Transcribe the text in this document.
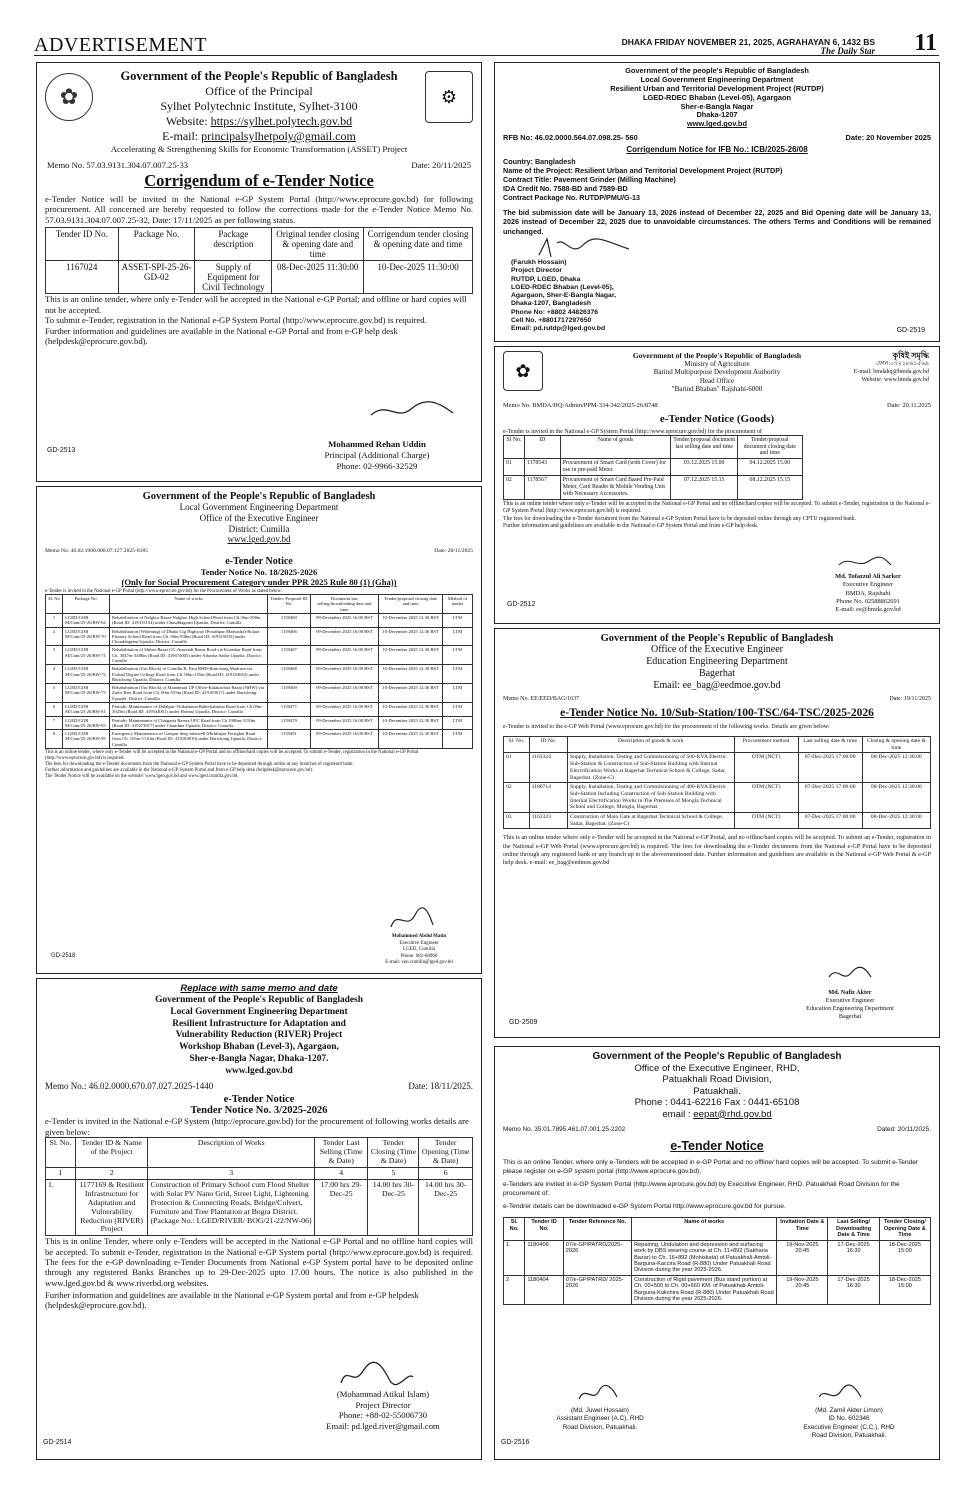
ADVERTISEMENT	DHAKA FRIDAY NOVEMBER 21, 2025, AGRAHAYAN 6, 1432 BS
The Daily Star 11
✿	⚙
Government of the People's Republic of Bangladesh
Office of the Principal
Sylhet Polytechnic Institute, Sylhet-3100
Website: https://sylhet.polytech.gov.bd
E-mail: principalsylhetpoly@gmail.com
Accelerating & Strengthening Skills for Economic Transformation (ASSET) Project
Memo No. 57.03.9131.304.07.007.25-33	Date: 20/11/2025
Corrigendum of e-Tender Notice

e-Tender Notice will be invited in the National e-GP System Portal (http://www.eprocure.gov.bd) for following procurement. All concerned are hereby requested to follow the corrections made for the e-Tender Notice Memo No. 57.03.9131.304.07.007.25-32, Date: 17/11/2025 as per following status.

Tender ID No.	Package No.	Package description	Original tender closing & opening date and time	Corrigendum tender closing & opening date and time
1167024	ASSET-SPI-25-26-GD-02	Supply of Equipment for Civil Technology	08-Dec-2025 11:30:00	10-Dec-2025 11:30:00

This is an online tender, where only e-Tender will be accepted in the National e-GP Portal; and offline or hard copies will not be accepted.

To submit e-Tender, registration in the National e-GP System Portal (http://www.eprocure.gov.bd) is required.

Further information and guidelines are available in the National e-GP Portal and from e-GP help desk (helpdesk@eprocure.gov.bd).

Mohammed Rehan Uddin
Principal (Additional Charge)
Phone: 02-9966-32529
GD-2513
Government of the people's Republic of Bangladesh
Local Government Engineering Department
Resilient Urban and Territorial Development Project (RUTDP)
LGED-RDEC Bhaban (Level-05), Agargaon
Sher-e-Bangla Nagar
Dhaka-1207
www.lged.gov.bd
RFB No: 46.02.0000.564.07.098.25- 560	Date: 20 November 2025
Corrigendum Notice for IFB No.: ICB/2025-26/08
Country: Bangladesh
Name of the Project: Resilient Urban and Territorial Development Project (RUTDP)
Contract Title: Pavement Grinder (Milling Machine)
IDA Credit No. 7588-BD and 7589-BD
Contract Package No. RUTDP/PMU/G-13

The bid submission date will be January 13, 2026 instead of December 22, 2025 and Bid Opening date will be January 13, 2026 instead of December 22, 2025 due to unavoidable circumstances. The others Terms and Conditions will be remained unchanged.

(Farukh Hossain)
Project Director
RUTDP, LGED, Dhaka
LGED-RDEC Bhaban (Level-05),
Agargaon, Sher-E-Bangla Nagar,
Dhaka-1207, Bangladesh
Phone No: +8802 44826376
Cell No. +8801717297650
Email: pd.rutdp@lged.gov.bd	GD-2519
✿
Government of the People's Republic of Bangladesh
Ministry of Agriculture
Barind Multipurpose Development Authority
Head Office
"Barind Bhaban" Rajshahi-6000
কৃষিই সমৃদ্ধি
ফোন:০৭২১৮৬১৫৬৯
E-mail: bmdahq@bmda.gov.bd
Website: www.bmda.gov.bd
Memo No. BMDA/HQ/Admin/PPM-334-342/2025-26/8748	Date: 20.11.2025
e-Tender Notice (Goods)

e-Tender is invited in the National e-GP System Portal (http://www.eprocure.gov.bd) for the procurement of

Sl No.	ID	Name of goods	Tender/proposal document last selling date and time	Tender/proposal document closing date and time
01	1178543	Procurement of Smart Card (with Cover) for use in pre-paid Meter.	03.12.2025 15.00	04.12.2025 15.00
02	1178567	Procurement of Smart Card Based Pre-Paid Meter, Card Reader & Mobile Vending Unit with Necessary Accessories.	07.12.2025 15.15	08.12.2025 15.15
This is an online tender where only e-Tender will be accepted in the National e-GP Portal and no offline/hard copies will be accepted. To submit e-Tender, registration in the National e-GP System Portal (http://www.eprocure.gov.bd) is required.
The fees for downloading the e-Tender document from the National e-GP System Portal have to be deposited online through any CPTU registered bank.
Further information and guidelines are available in the National e-GP System Portal and from e-GP help desk.
Md. Tofazzul Ali Sarker
Executive Engineer
BMDA, Rajshahi
Phone No. 02588862691
E-mail: ee@bmda.gov.bd
GD-2512
Government of the People's Republic of Bangladesh
Local Government Engineering Department
Office of the Executive Engineer
District: Cumilla
www.lged.gov.bd
Memo No. 46.02.1900.000.07.127.2025-8185	Date: 20/11/2025
e-Tender Notice
Tender Notice No. 18/2025-2026
(Only for Social Procurement Category under PPR 2025 Rule 80 (1) (Gha))

e-Tender is invited in the National e-GP Portal (http://www.eprocure.gov.bd) for the Procurement of Works as stated below:

Sl. No	Package No.	Name of works	Tender/ Proposal ID No.	Document last selling/downloading date and time	Tender/proposal closing date and time	Method of tender
1	LGED/GOB M/Cum/25-26/RW-64	Rehabilitation of Nalghor Bazar-Nalghor High School Road from Ch.36m-290m (Road ID: 419315134) under Chouddagram Upazila, District: Cumilla	1159460	09-December 2025 16:00 BST	10-December 2025 12.30 BST	LTM
2	LGED/GOB M/Cum/25-26/RW-70	Rehabilitation (Widening) of Dhaka Ctg Highway (Protabpur Madrasha)-Bolara Primary School Road from Ch. 00m-938m (Road ID: 419315035) under Chouddagram Upazila, District: Cumilla	1159466	09-December 2025 16:00 BST	10-December 2025 12.30 BST	LTM
3	LGED/GOB M/Cum/25-26/RW-71	Rehabilitation of Shiber Bazar GC-Amratali Bazar Road via Kotashar Road from Ch. 3047m-3480m (Road ID: 419674005) under Adarsha Sadar Upazila, District: Cumilla	1159467	09-December 2025 16:00 BST	10-December 2025 12.30 BST	LTM
4	LGED/GOB M/Cum/25-26/RW-72	Rehabilitation (Uni Block) of Comilla B. Para RHD-Burichong Madrasa via Ershad Degree College Road from Ch. 00m-235m (Road ID: 419184043) under Burichong Upazila, District: Cumilla	1159468	09-December 2025 16:00 BST	10-December 2025 12.30 BST	LTM
5	LGED/GOB M/Cum/25-26/RW-73	Rehabilitation (Uni Block) of Mainamati UP Office-Kalakachua Bazar (NHW) via Zafor Bari Road from Ch. 00m-533m (Road ID: 419183017) under Burichong Upazila, District: Cumilla	1159469	09-December 2025 16:00 BST	10-December 2025 12.30 BST	LTM
6	LGED/GOB M/Cum/25-26/RW-81	Periodic Maintenance of Dulalpur-Vitikalmina Baherkalmina Road from Ch.00m-3925m (Road ID: 419544001) under Homna Upazila, District: Cumilla	1159477	09-December 2025 16:00 BST	10-December 2025 12.30 BST	LTM
7	LGED/GOB M/Cum/25-26/RW-83	Periodic Maintenance of Chaigaria Barera UPC Road from Ch.1000m-3150m (Road ID: 419273017) under Chandina Upazila, District: Cumilla	1159479	09-December 2025 16:00 BST	10-December 2025 12.30 BST	LTM
8	LGED/GOB M/Cum/25-26/RW-95	Emergency Maintenance of Gazipur deep tubewell-Mithilapar Ferrighat Road from Ch. 105m-1110m (Road ID: 419184010) under Burichong Upazila, District: Cumilla	1159491	09-December 2025 16:00 BST	10-December 2025 12.30 BST	LTM
This is an online tender, where only e-Tender will be accepted in the National e-GP Portal and no offline/hard copies will be accepted. To submit e-Tender, registration in the National e-GP Portal (http://www.eprocure.gov.bd) is required.
The fees for downloading the e-Tender documents from the National e-GP System Portal have to be deposited through online at any branches of registered bank.
Further information and guidelines are available in the National e-GP System Portal and from e-GP help desk (helpdesk@eprocure.gov.bd).
The Tender Notice will be available on the website: www.lged.gov.bd and www.lged.cumilla.gov.bd
Mohammed Abdul Matin
Executive Engineer
LGED, Cumilla
Phone: 081-68960
E-mail: xen.cumilla@lged.gov.bd
GD-2518
Government of the People's Republic of Bangladesh
Office of the Executive Engineer
Education Engineering Department
Bagerhat
Email: ee_bag@eedmoe.gov.bd
Memo No. EE/EED/BAG/1637	Date: 19/11/2025
e-Tender Notice No. 10/Sub-Station/100-TSC/64-TSC/2025-2026

e-Tender is invited to the e-GP Web Portal (www.eprocure.gov.bd) for the procurement of the following works. Details are given below:

Sl. No.	ID No.	Description of goods & work	Procurement method	Last selling date & time	Closing & opening date & time
01	1163324	Supply, Installation, Testing and Commissioning of 500-KVA Electric Sub-Station & Construction of Sub-Station Building with Internal Electrification Works at Bagerhat Technical School & College, Sadar, Bagerhat. (Zone-C)	OTM (NCT)	07-Dec-2025 17:00:00	08-Dec-2025 12:30:00
02	1180714	Supply, Installation, Testing and Commissioning of 400-KVA Electric Sub-Station Including Construction of Sub-Station Building with Internal Electrification Works in The Premises of Mongla Technical School and College, Mongla, Bagerhat.	OTM (NCT)	07-Dec-2025 17:00:00	08-Dec-2025 12:30:00
03	1163323	Construction of Main Gate at Bagerhat Technical School & College, Sadar, Bagerhat. (Zone-C)	OTM (NCT)	07-Dec-2025 17:00:00	08-Dec-2025 12:30:00

This is an online tender where only e-Tender will be accepted in the National e-GP Portal, and no offline/hard copies will be accepted. To submit an e-Tender, registration in the National e-GP Web Portal (www.eprocure.gov.bd) is required. The fees for downloading the e-Tender documents from the National e-GP Portal have to be deposited online through any registered bank or any branch up to the abovementioned date. Further information and guidelines are available in the National e-GP Web Portal & e-GP help desk. e-mail: ee_bag@eedmoe.gov.bd

Md. Nafiz Akter
Executive Engineer
Education Engineering Department
Bagerhat
GD-2509
Replace with same memo and date
Government of the People's Republic of Bangladesh
Local Government Engineering Department
Resilient Infrastructure for Adaptation and
Vulnerability Reduction (RIVER) Project
Workshop Bhaban (Level-3), Agargaon,
Sher-e-Bangla Nagar, Dhaka-1207.
www.lged.gov.bd
Memo No.: 46.02.0000.670.07.027.2025-1440	Date: 18/11/2025.
e-Tender Notice
Tender Notice No. 3/2025-2026

e-Tender is invited in the National e-GP System (http://eprocure.gov.bd) for the procurement of following works details are given below:

Sl. No.	Tender ID & Name of the Project	Description of Works	Tender Last Selling (Time & Date)	Tender Closing (Time & Date)	Tender Opening (Time & Date)
1	2	3	4	5	6
1.	1177169 & Resilient Infrastructure for Adaptation and Vulnerability Reduction (RIVER) Project	Construction of Primary School cum Flood Shelter with Solar PV Nano Grid, Street Light, Lightening Protection & Connecting Roads, Bridge/Culvert, Furniture and Tree Plantation at Bogra District. (Package No.: LGED/RIVER/ BOG/21-22/NW-06)	17.00 hrs 29-Dec-25	14.00 hrs 30-Dec-25	14.00 hrs 30-Dec-25

This is in online Tender, where only e-Tenders will be accepted in the National e-GP Portal and no offline hard copies will be accepted. To submit e-Tender, registration in the National e-GP System portal (http://www.eprocure.gov.bd) is required. The fees for the e-GP downloading e-Tender Documents from National e-GP System portal have to be deposited online through any registered Banks Branches up to 29-Dec-2025 upto 17.00 hours. The notice is also published in the www.lged.gov.bd & www.riverbd.org websites.

Further information and guidelines are available in the National e-GP System portal and from e-GP helpdesk (helpdesk@eprocure.gov.bd).

(Mohammad Atikul Islam)
Project Director
Phone: +88-02-55006730
Email: pd.lged.river@gmail.com
GD-2514
Government of the People's Republic of Bangladesh
Office of the Executive Engineer, RHD,
Patuakhali Road Division,
Patuakhali.
Phone : 0441-62216 Fax : 0441-65108
email : eepat@rhd.gov.bd
Memo No. 35.01.7895.461.07.001.25-2202	Dated: 20/11/2025.
e-Tender Notice

This is an online Tender, where only e-Tenders will be accepted in e-GP Portal and no offline/ hard copies will be accepted. To submit e-Tender please register on e-GP system portal (http://www.eprocure.gov.bd).

e-Tenders are invited in e-GP System Portal (http://www.eprocure.gov.bd) by Executive Engineer, RHD, Patuakhali Road Division for the procurement of:

e-Tendrer details can be downloaded e-GP System Portal http://www.eprocure.gov.bd for pursue.

Sl. No.	Tender ID No.	Tender Reference No.	Name of works	Invitation Date & Time	Last Selling/ Downloading Date & Time	Tender Closing/ Opening Date & Time
1.	1180406	07/e-GP/PATRD/2025-2026	Repairing, Undulation and depression and surfacing work by DBS wearing course at Ch. 11+892 (Sakharia Bazar) to Ch. 16+892 (Mohiskata) of Patuakhali-Amtoli-Barguna-Kaccira Road (R-880) Under Patuakhali Road Division during the year 2025-2026.	19-Nov-2025 20:45	17-Dec-2025 16:30	18-Dec-2025 15:00
2	1180404	07/e-GP/PATRD/ 2025-2026	Construction of Rigid pavement (Bus stand portion) at Ch. 00+500 to Ch. 00+660 KM. of Patuakhali-Amtoli-Barguna-Kakchira Road (R-880) Under Patuakhali Road Division during the year 2025-2026.	19-Nov-2025 20:45	17-Dec-2025 16:30	18-Dec-2025 15:00
(Md. Juwel Hossain)
Assistant Engineer (A.C), RHD
Road Division, Patuakhali.
(Md. Zamil Akter Limon)
ID No. 602346
Executive Engineer (C.C.), RHD
Road Division, Patuakhali.
GD-2516
